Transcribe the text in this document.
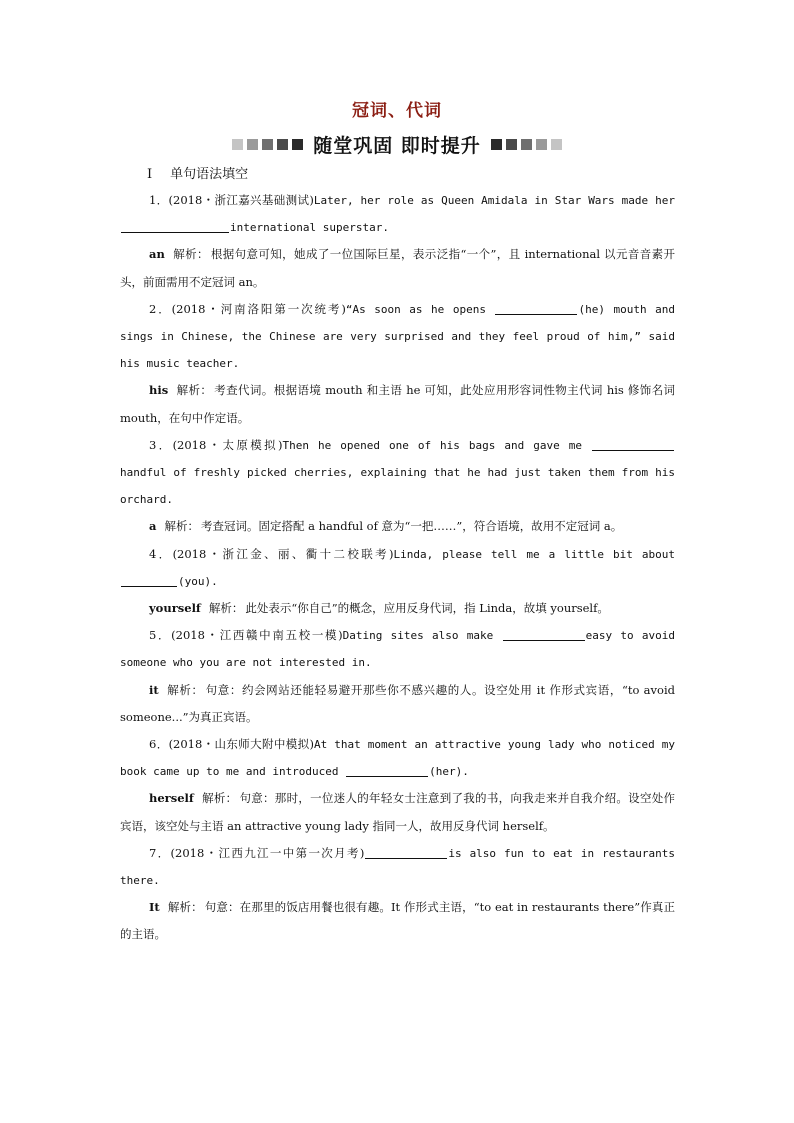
冠词、代词
随堂巩固 即时提升
Ⅰ 单句语法填空

1．(2018・浙江嘉兴基础测试)Later, her role as Queen Amidala in Star Wars made her international superstar.

an 解析： 根据句意可知，她成了一位国际巨星，表示泛指“一个”，且 international 以元音音素开头，前面需用不定冠词 an。

2．(2018・河南洛阳第一次统考)“As soon as he opens	(he) mouth and sings in Chinese, the Chinese are very surprised and they feel proud of him,” said his music teacher.

his 解析： 考查代词。根据语境 mouth 和主语 he 可知，此处应用形容词性物主代词 his 修饰名词 mouth，在句中作定语。

3．(2018・太原模拟)Then he opened one of his bags and gave me handful of freshly picked cherries, explaining that he had just taken them from his orchard.

a 解析： 考查冠词。固定搭配 a handful of 意为“一把……”，符合语境，故用不定冠词 a。

4．(2018・浙江金、丽、衢十二校联考)Linda, please tell me a little bit about (you).

yourself 解析： 此处表示“你自己”的概念，应用反身代词，指 Linda，故填 yourself。

5．(2018・江西赣中南五校一模)Dating sites also make	easy to avoid someone who you are not interested in.

it 解析： 句意：约会网站还能轻易避开那些你不感兴趣的人。设空处用 it 作形式宾语，“to avoid someone...”为真正宾语。

6．(2018・山东师大附中模拟)At that moment an attractive young lady who noticed my book came up to me and introduced	(her).

herself 解析： 句意：那时，一位迷人的年轻女士注意到了我的书，向我走来并自我介绍。设空处作宾语，该空处与主语 an attractive young lady 指同一人，故用反身代词 herself。

7．(2018・江西九江一中第一次月考)	is also fun to eat in restaurants there.

It 解析： 句意：在那里的饭店用餐也很有趣。It 作形式主语，“to eat in restaurants there”作真正的主语。
